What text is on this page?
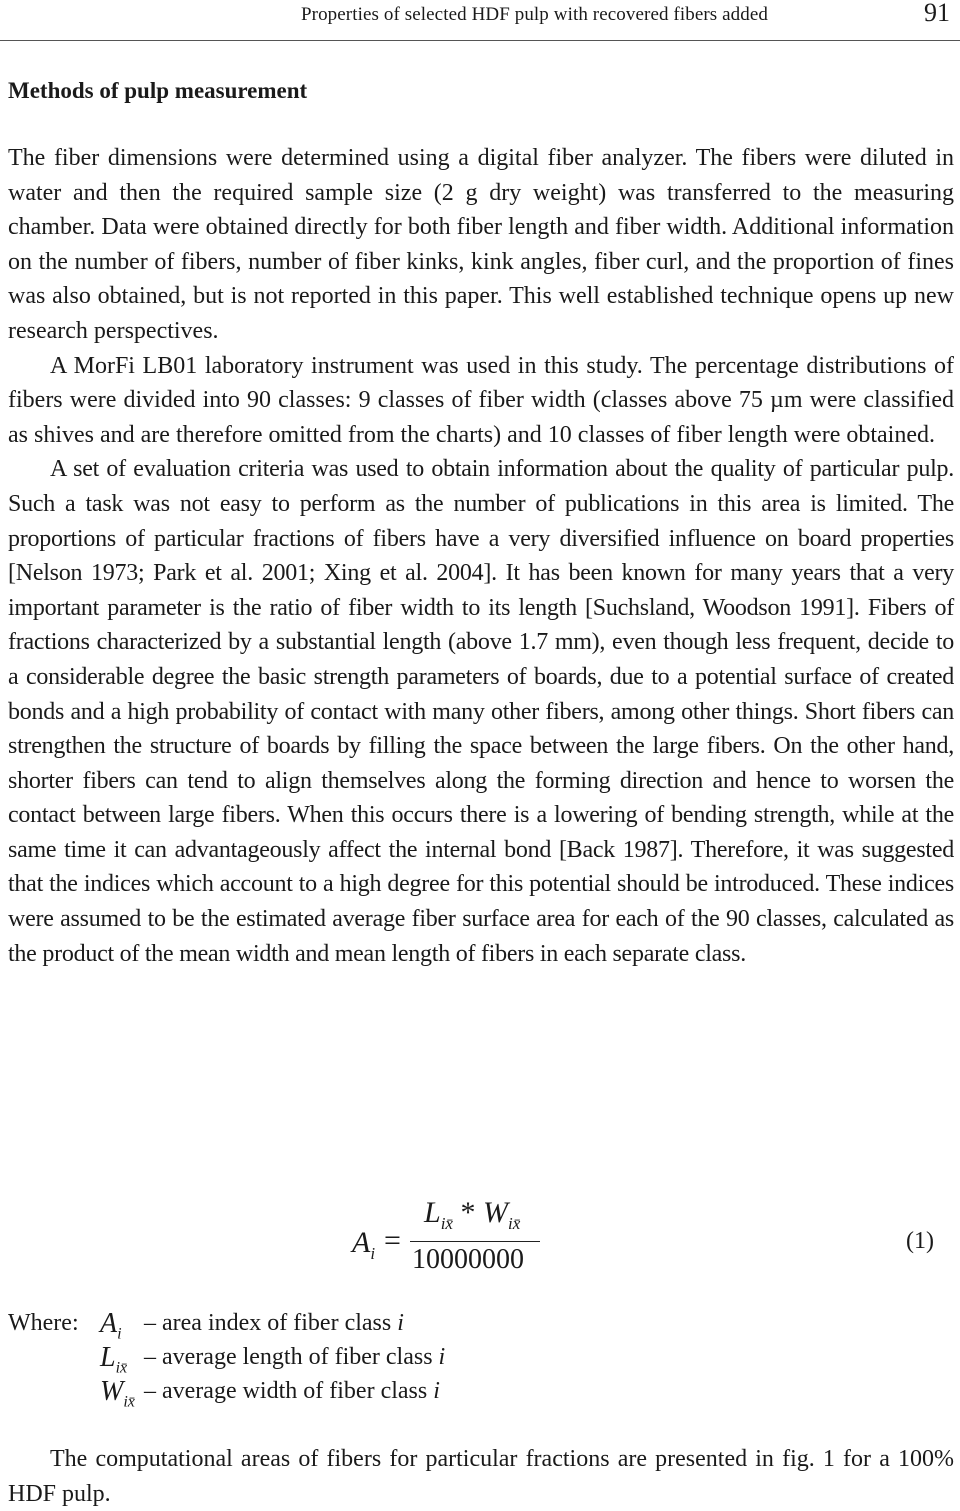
Properties of selected HDF pulp with recovered fibers added	91
Methods of pulp measurement

The fiber dimensions were determined using a digital fiber analyzer. The fibers were diluted in water and then the required sample size (2 g dry weight) was transferred to the measuring chamber. Data were obtained directly for both fiber length and fiber width. Additional information on the number of fibers, number of fiber kinks, kink angles, fiber curl, and the proportion of fines was also obtained, but is not reported in this paper. This well established technique opens up new research perspectives.

A MorFi LB01 laboratory instrument was used in this study. The percentage distributions of fibers were divided into 90 classes: 9 classes of fiber width (classes above 75 µm were classified as shives and are therefore omitted from the charts) and 10 classes of fiber length were obtained.

A set of evaluation criteria was used to obtain information about the quality of particular pulp. Such a task was not easy to perform as the number of publications in this area is limited. The proportions of particular fractions of fibers have a very diversified influence on board properties [Nelson 1973; Park et al. 2001; Xing et al. 2004]. It has been known for many years that a very important parameter is the ratio of fiber width to its length [Suchsland, Woodson 1991]. Fibers of fractions characterized by a substantial length (above 1.7 mm), even though less frequent, decide to a considerable degree the basic strength parameters of boards, due to a potential surface of created bonds and a high probability of contact with many other fibers, among other things. Short fibers can strengthen the structure of boards by filling the space between the large fibers. On the other hand, shorter fibers can tend to align themselves along the forming direction and hence to worsen the contact between large fibers. When this occurs there is a lowering of bending strength, while at the same time it can advantageously affect the internal bond [Back 1987]. Therefore, it was suggested that the indices which account to a high degree for this potential should be introduced. These indices were assumed to be the estimated average fiber surface area for each of the 90 classes, calculated as the product of the mean width and mean length of fibers in each separate class.

$A_i$ =
$L_{ix̄} * W_{ix̄}$
10000000
(1)
Where: $A_i$ – area index of fiber class i
$L_{ix̄}$ – average length of fiber class i
$W_{ix̄}$ – average width of fiber class i

The computational areas of fibers for particular fractions are presented in fig. 1 for a 100% HDF pulp.
